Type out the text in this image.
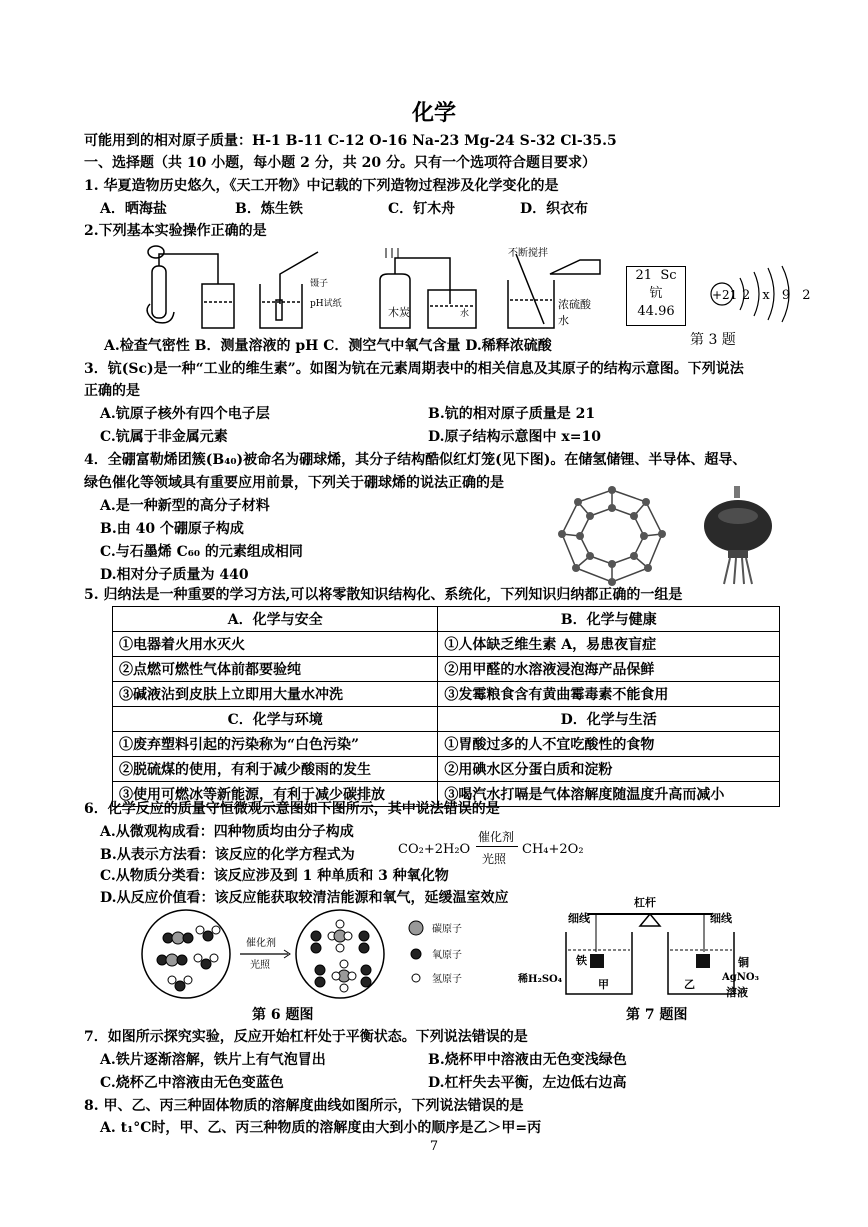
化学
可能用到的相对原子质量：H-1 B-11 C-12 O-16 Na-23 Mg-24 S-32 Cl-35.5
一、选择题（共 10 小题，每小题 2 分，共 20 分。只有一个选项符合题目要求）
1. 华夏造物历史悠久，《天工开物》中记载的下列造物过程涉及化学变化的是
A．晒海盐	B．炼生铁	C．钉木舟	D．织衣布
2.下列基本实验操作正确的是
镊子
pH试纸
木炭	水
不断搅拌
浓硫酸
水
21 Sc
钪
44.96
+21 2 x 9 2
A.检查气密性 B．测量溶液的 pH C．测空气中氧气含量 D.稀释浓硫酸	第 3 题
3．钪(Sc)是一种“工业的维生素”。如图为钪在元素周期表中的相关信息及其原子的结构示意图。下列说法
正确的是
A.钪原子核外有四个电子层	B.钪的相对原子质量是 21
C.钪属于非金属元素	D.原子结构示意图中 x=10
4．全硼富勒烯团簇(B₄₀)被命名为硼球烯，其分子结构酷似红灯笼(见下图)。在储氢储锂、半导体、超导、
绿色催化等领域具有重要应用前景，下列关于硼球烯的说法正确的是
A.是一种新型的高分子材料
B.由 40 个硼原子构成
C.与石墨烯 C₆₀ 的元素组成相同
D.相对分子质量为 440
5. 归纳法是一种重要的学习方法,可以将零散知识结构化、系统化，下列知识归纳都正确的一组是
A．化学与安全	B．化学与健康
①电器着火用水灭火	①人体缺乏维生素 A，易患夜盲症
②点燃可燃性气体前都要验纯	②用甲醛的水溶液浸泡海产品保鲜
③碱液沾到皮肤上立即用大量水冲洗	③发霉粮食含有黄曲霉毒素不能食用
C．化学与环境	D．化学与生活
①废弃塑料引起的污染称为“白色污染”	①胃酸过多的人不宜吃酸性的食物
②脱硫煤的使用，有利于减少酸雨的发生	②用碘水区分蛋白质和淀粉
③使用可燃冰等新能源，有利于减少碳排放	③喝汽水打嗝是气体溶解度随温度升高而减小
6．化学反应的质量守恒微观示意图如下图所示，其中说法错误的是
A.从微观构成看：四种物质均由分子构成
B.从表示方法看：该反应的化学方程式为	CO₂+2H₂O
催化剂
光照
CH₄+2O₂
C.从物质分类看：该反应涉及到 1 种单质和 3 种氧化物
D.从反应价值看：该反应能获取较清洁能源和氧气，延缓温室效应
催化剂
光照
碳原子
氧原子
氢原子
第 6 题图
杠杆
细线	细线
铁
稀H₂SO₄	甲	乙
铜
AgNO₃
溶液
第 7 题图
7．如图所示探究实验，反应开始杠杆处于平衡状态。下列说法错误的是
A.铁片逐渐溶解，铁片上有气泡冒出	B.烧杯甲中溶液由无色变浅绿色
C.烧杯乙中溶液由无色变蓝色	D.杠杆失去平衡，左边低右边高
8. 甲、乙、丙三种固体物质的溶解度曲线如图所示，下列说法错误的是
A. t₁°C时，甲、乙、丙三种物质的溶解度由大到小的顺序是乙＞甲=丙
7
